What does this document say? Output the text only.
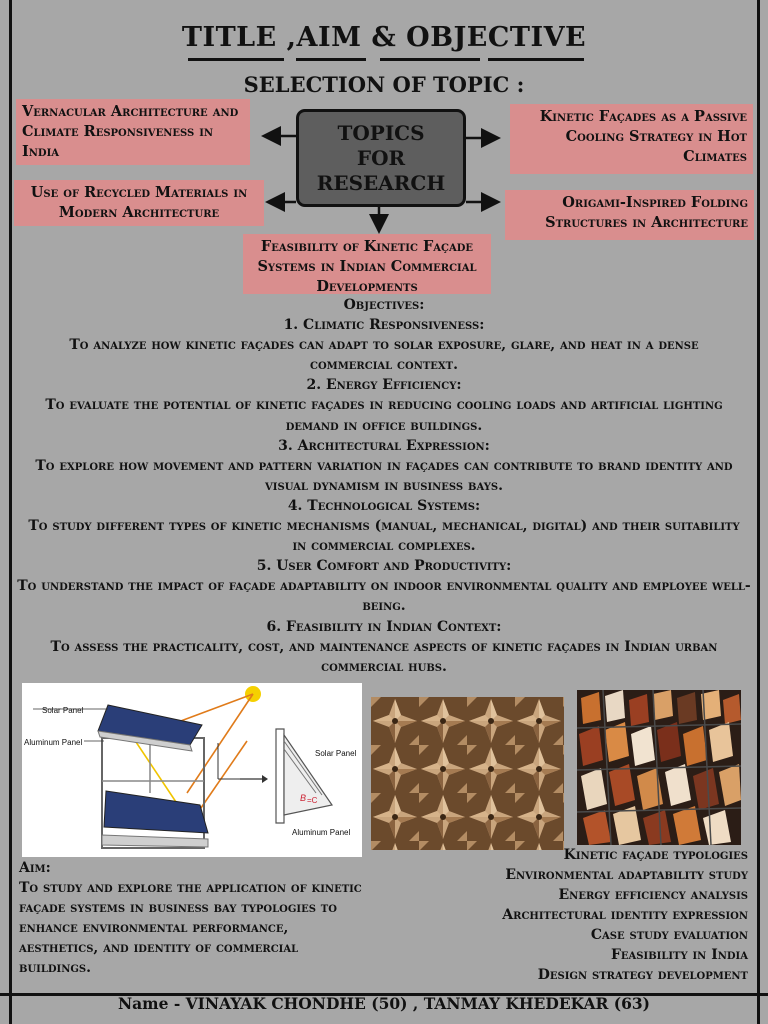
TITLE ,AIM & OBJECTIVE
SELECTION OF TOPIC :
Vernacular Architecture and Climate Responsiveness in India
Use of Recycled Materials in Modern Architecture
Feasibility of Kinetic Façade Systems in Indian Commercial Developments
Kinetic Façades as a Passive Cooling Strategy in Hot Climates
Origami-Inspired Folding Structures in Architecture
TOPICS FOR RESEARCH
Objectives:
1. Climatic Responsiveness:
To analyze how kinetic façades can adapt to solar exposure, glare, and heat in a dense commercial context.
2. Energy Efficiency:
To evaluate the potential of kinetic façades in reducing cooling loads and artificial lighting demand in office buildings.
3. Architectural Expression:
To explore how movement and pattern variation in façades can contribute to brand identity and visual dynamism in business bays.
4. Technological Systems:
To study different types of kinetic mechanisms (manual, mechanical, digital) and their suitability in commercial complexes.
5. User Comfort and Productivity:
To understand the impact of façade adaptability on indoor environmental quality and employee well-being.
6. Feasibility in Indian Context:
To assess the practicality, cost, and maintenance aspects of kinetic façades in Indian urban commercial hubs.
Solar Panel
Aluminum Panel
B =C
Solar Panel
Aluminum Panel
Aim:
To study and explore the application of kinetic façade systems in business bay typologies to enhance environmental performance, aesthetics, and identity of commercial buildings.
Kinetic façade typologies
Environmental adaptability study
Energy efficiency analysis
Architectural identity expression
Case study evaluation
Feasibility in India
Design strategy development
Name - VINAYAK CHONDHE (50) , TANMAY KHEDEKAR (63)
